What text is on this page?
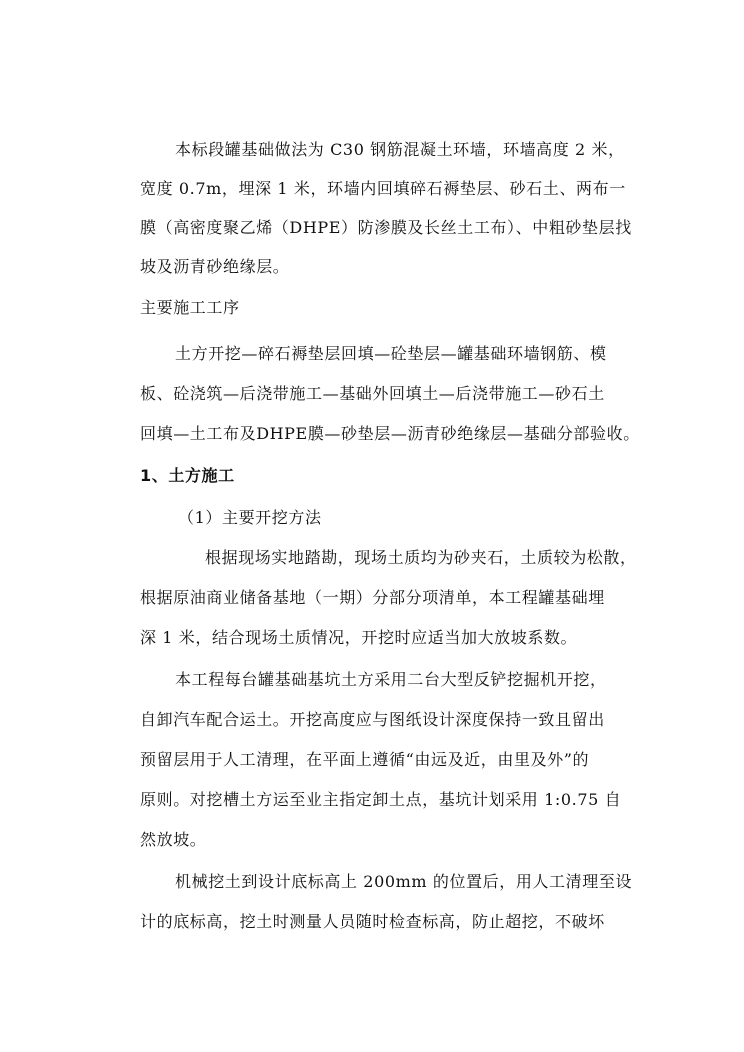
本标段罐基础做法为 C30 钢筋混凝土环墙，环墙高度 2 米，
宽度 0.7m，埋深 1 米，环墙内回填碎石褥垫层、砂石土、两布一
膜（高密度聚乙烯（DHPE）防渗膜及长丝土工布）、中粗砂垫层找
坡及沥青砂绝缘层。
主要施工工序
土方开挖—碎石褥垫层回填—砼垫层—罐基础环墙钢筋、模
板、砼浇筑—后浇带施工—基础外回填土—后浇带施工—砂石土
回填—土工布及DHPE膜—砂垫层—沥青砂绝缘层—基础分部验收。
1、土方施工
（1）主要开挖方法
根据现场实地踏勘，现场土质均为砂夹石，土质较为松散，
根据原油商业储备基地（一期）分部分项清单，本工程罐基础埋
深 1 米，结合现场土质情况，开挖时应适当加大放坡系数。
本工程每台罐基础基坑土方采用二台大型反铲挖掘机开挖，
自卸汽车配合运土。开挖高度应与图纸设计深度保持一致且留出
预留层用于人工清理，在平面上遵循“由远及近，由里及外”的
原则。对挖槽土方运至业主指定卸土点，基坑计划采用 1:0.75 自
然放坡。
机械挖土到设计底标高上 200mm 的位置后，用人工清理至设
计的底标高，挖土时测量人员随时检查标高，防止超挖，不破坏
